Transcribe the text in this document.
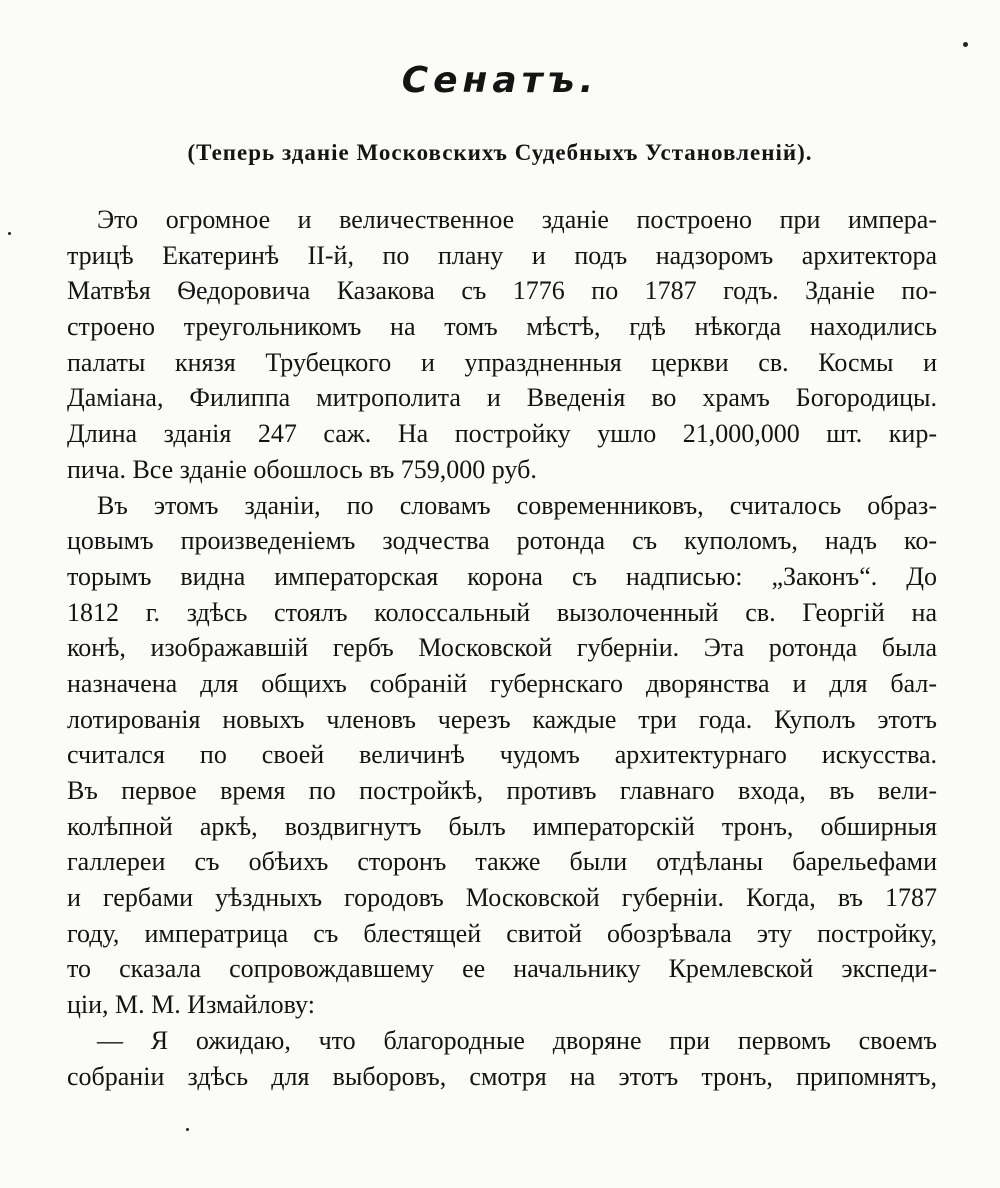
Сенатъ.
(Теперь зданіе Московскихъ Судебныхъ Установленій).
Это огромное и величественное зданіе построено при импера-
трицѣ Екатеринѣ II-й, по плану и подъ надзоромъ архитектора
Матвѣя Ѳедоровича Казакова съ 1776 по 1787 годъ. Зданіе по-
строено треугольникомъ на томъ мѣстѣ, гдѣ нѣкогда находились
палаты князя Трубецкого и упраздненныя церкви св. Космы и
Даміана, Филиппа митрополита и Введенія во храмъ Богородицы.
Длина зданія 247 саж. На постройку ушло 21,000,000 шт. кир-
пича. Все зданіе обошлось въ 759,000 руб.
Въ этомъ зданіи, по словамъ современниковъ, считалось образ-
цовымъ произведеніемъ зодчества ротонда съ куполомъ, надъ ко-
торымъ видна императорская корона съ надписью: „Законъ“. До
1812 г. здѣсь стоялъ колоссальный вызолоченный св. Георгій на
конѣ, изображавшій гербъ Московской губерніи. Эта ротонда была
назначена для общихъ собраній губернскаго дворянства и для бал-
лотированія новыхъ членовъ черезъ каждые три года. Куполъ этотъ
считался по своей величинѣ чудомъ архитектурнаго искусства.
Въ первое время по постройкѣ, противъ главнаго входа, въ вели-
колѣпной аркѣ, воздвигнутъ былъ императорскій тронъ, обширныя
галлереи съ обѣихъ сторонъ также были отдѣланы барельефами
и гербами уѣздныхъ городовъ Московской губерніи. Когда, въ 1787
году, императрица съ блестящей свитой обозрѣвала эту постройку,
то сказала сопровождавшему ее начальнику Кремлевской экспеди-
ціи, М. М. Измайлову:
— Я ожидаю, что благородные дворяне при первомъ своемъ
собраніи здѣсь для выборовъ, смотря на этотъ тронъ, припомнятъ,
